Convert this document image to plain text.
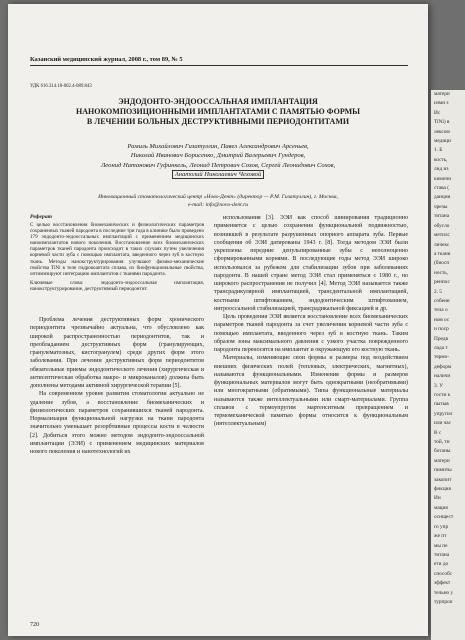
Казанский медицинский журнал, 2008 г., том 89, № 5
УДК 616.314.18-002.4-089.843
ЭНДОДОНТО-ЭНДООССАЛЬНАЯ ИМПЛАНТАЦИЯ
НАНОКОМПОЗИЦИОННЫМИ ИМПЛАНТАТАМИ С ПАМЯТЬЮ ФОРМЫ
В ЛЕЧЕНИИ БОЛЬНЫХ ДЕСТРУКТИВНЫМИ ПЕРИОДОНТИТАМИ
Рамиль Михайлович Гизатуллин, Павел Александрович Арсеньев,
Николай Иванович Борисенко, Дмитрий Валерьевич Гундеров,
Леонид Натанович Гуфинкель, Леонид Петрович Сохов, Сергей Леонидович Сохов,
Анатолий Николаевич Чеховой
Инновационный стоматологический центр «Ново-Дент» (директор — Р.М. Гизатуллин), г. Москва,
e-mail: info@novo-dent.ru
Реферат

С целью восстановления биомеханических и физиологических параметров сохраненных тканей пародонта в последние три года в клинике было проведено 179 эндодонто-эндооссальных имплантаций с применением медицинских наноимплантатов нового поколения. Восстановление всех биомеханических параметров тканей пародонта происходит в таких случаях путем увеличения корневой части зуба с помощью имплантата, введенного через зуб в костную ткань. Методы нанокструктурирования улучшают физико-механические свойства TiNi в теле гидрокоаптата сплава, их биофункциональные свойства, оптимизируют интеграцию имплантатов с тканями пародонта.

Ключевые слова: эндодонто-эндооссальная имплантация, нанокструктурирование, деструктивный периодонтит.

Проблема лечения деструктивных форм хронического периодонтита чрезвычайно актуальна, что обусловлено как широкой распространенностью периодонтитов, так и преобладанием деструктивных форм (гранулирующих, гранулематозных, кистогранулем) среди других форм этого заболевания. При лечении деструктивных форм периодонтитов обязательные приемы эндодонтического лечения (хирургическая и антисептическая обработка макро- и микроканалов) должны быть дополнены методами активной хирургической терапии [5].

На современном уровне развития стоматологии актуально не удаление зубов, а восстановление биомеханических и физиологических параметров сохранившихся тканей пародонта. Нормализация функциональной нагрузки на ткани пародонта значительно уменьшает резорбтивные процессы кости в челюсти [2]. Добиться этого можно методом эндодонто-эндооссальной имплантации (ЭЭИ) с применением медицинских материалов нового поколения и нанотехнологий их

использования [3]. ЭЭИ как способ шинирования традиционно применяется с целью сохранения функциональной подвижностью, возникшей в результате разрушенных опорного аппарата зуба. Первые сообщения об ЭЭИ датированы 1943 г. [8]. Тогда методом ЭЭИ были укреплены передние депульпированные зубы с неполноценно сформированными корнями. В последующие годы метод ЭЭИ широко использовался за рубежом для стабилизации зубов при заболеваниях пародонта. В нашей стране метод ЭЭИ стал применяться с 1980 г., но широкого распространения не получил [4]. Метод ЭЭИ называется также трансрадикулярной имплантацией, трансдентальной имплантацией, костными штифтованием, эндодонтическим штифтованием, интрооссальной стабилизацией, трансрадикальной фиксацией и др.

Цель проведения ЭЭИ является восстановление всех биомеханических параметров тканей пародонта за счет увеличения корневой части зуба с помощью имплантата, введенного через зуб в костную ткань. Таким образом зоны максимального давления с узкого участка поврежденного пародонта переносятся на имплантат и окружающую его костную ткань.

Материалы, изменяющие свои формы и размеры под воздействием внешних физических полей (тепловых, электрических, магнитных), называются функциональными. Изменения формы и размеров функциональных материалов могут быть однократными (необратимыми) или многократными (обратимыми). Типы функциональные материалы называются также интеллектуальными или смарт-материалами. Группа сплавов с термоупругим мартенситным превращением и термомеханической памятью формы относится к функциональным (интеллектуальным)

720

матери

изми з

Ис

TiNi) в

лексом

медици

1. Б

кость,

лид из

кимичн

става (

данции

чрезы

титана

обусло

метилс

личекс

а ткани

(биосп

ность,

ренпос

2. 5

собенн

тела о

ном ос

и поср

Предв

лада т

термо-

деформ

наличи

3. У

гости к

пытыв

упругил

или час

В с

той, тн

ботаны

матери

пимиты

закопит

фикция

Ин

мация

оснщест

го упр

же пт

мы пе

титана

ети до

способс

эффект

тельно у

турпроп
